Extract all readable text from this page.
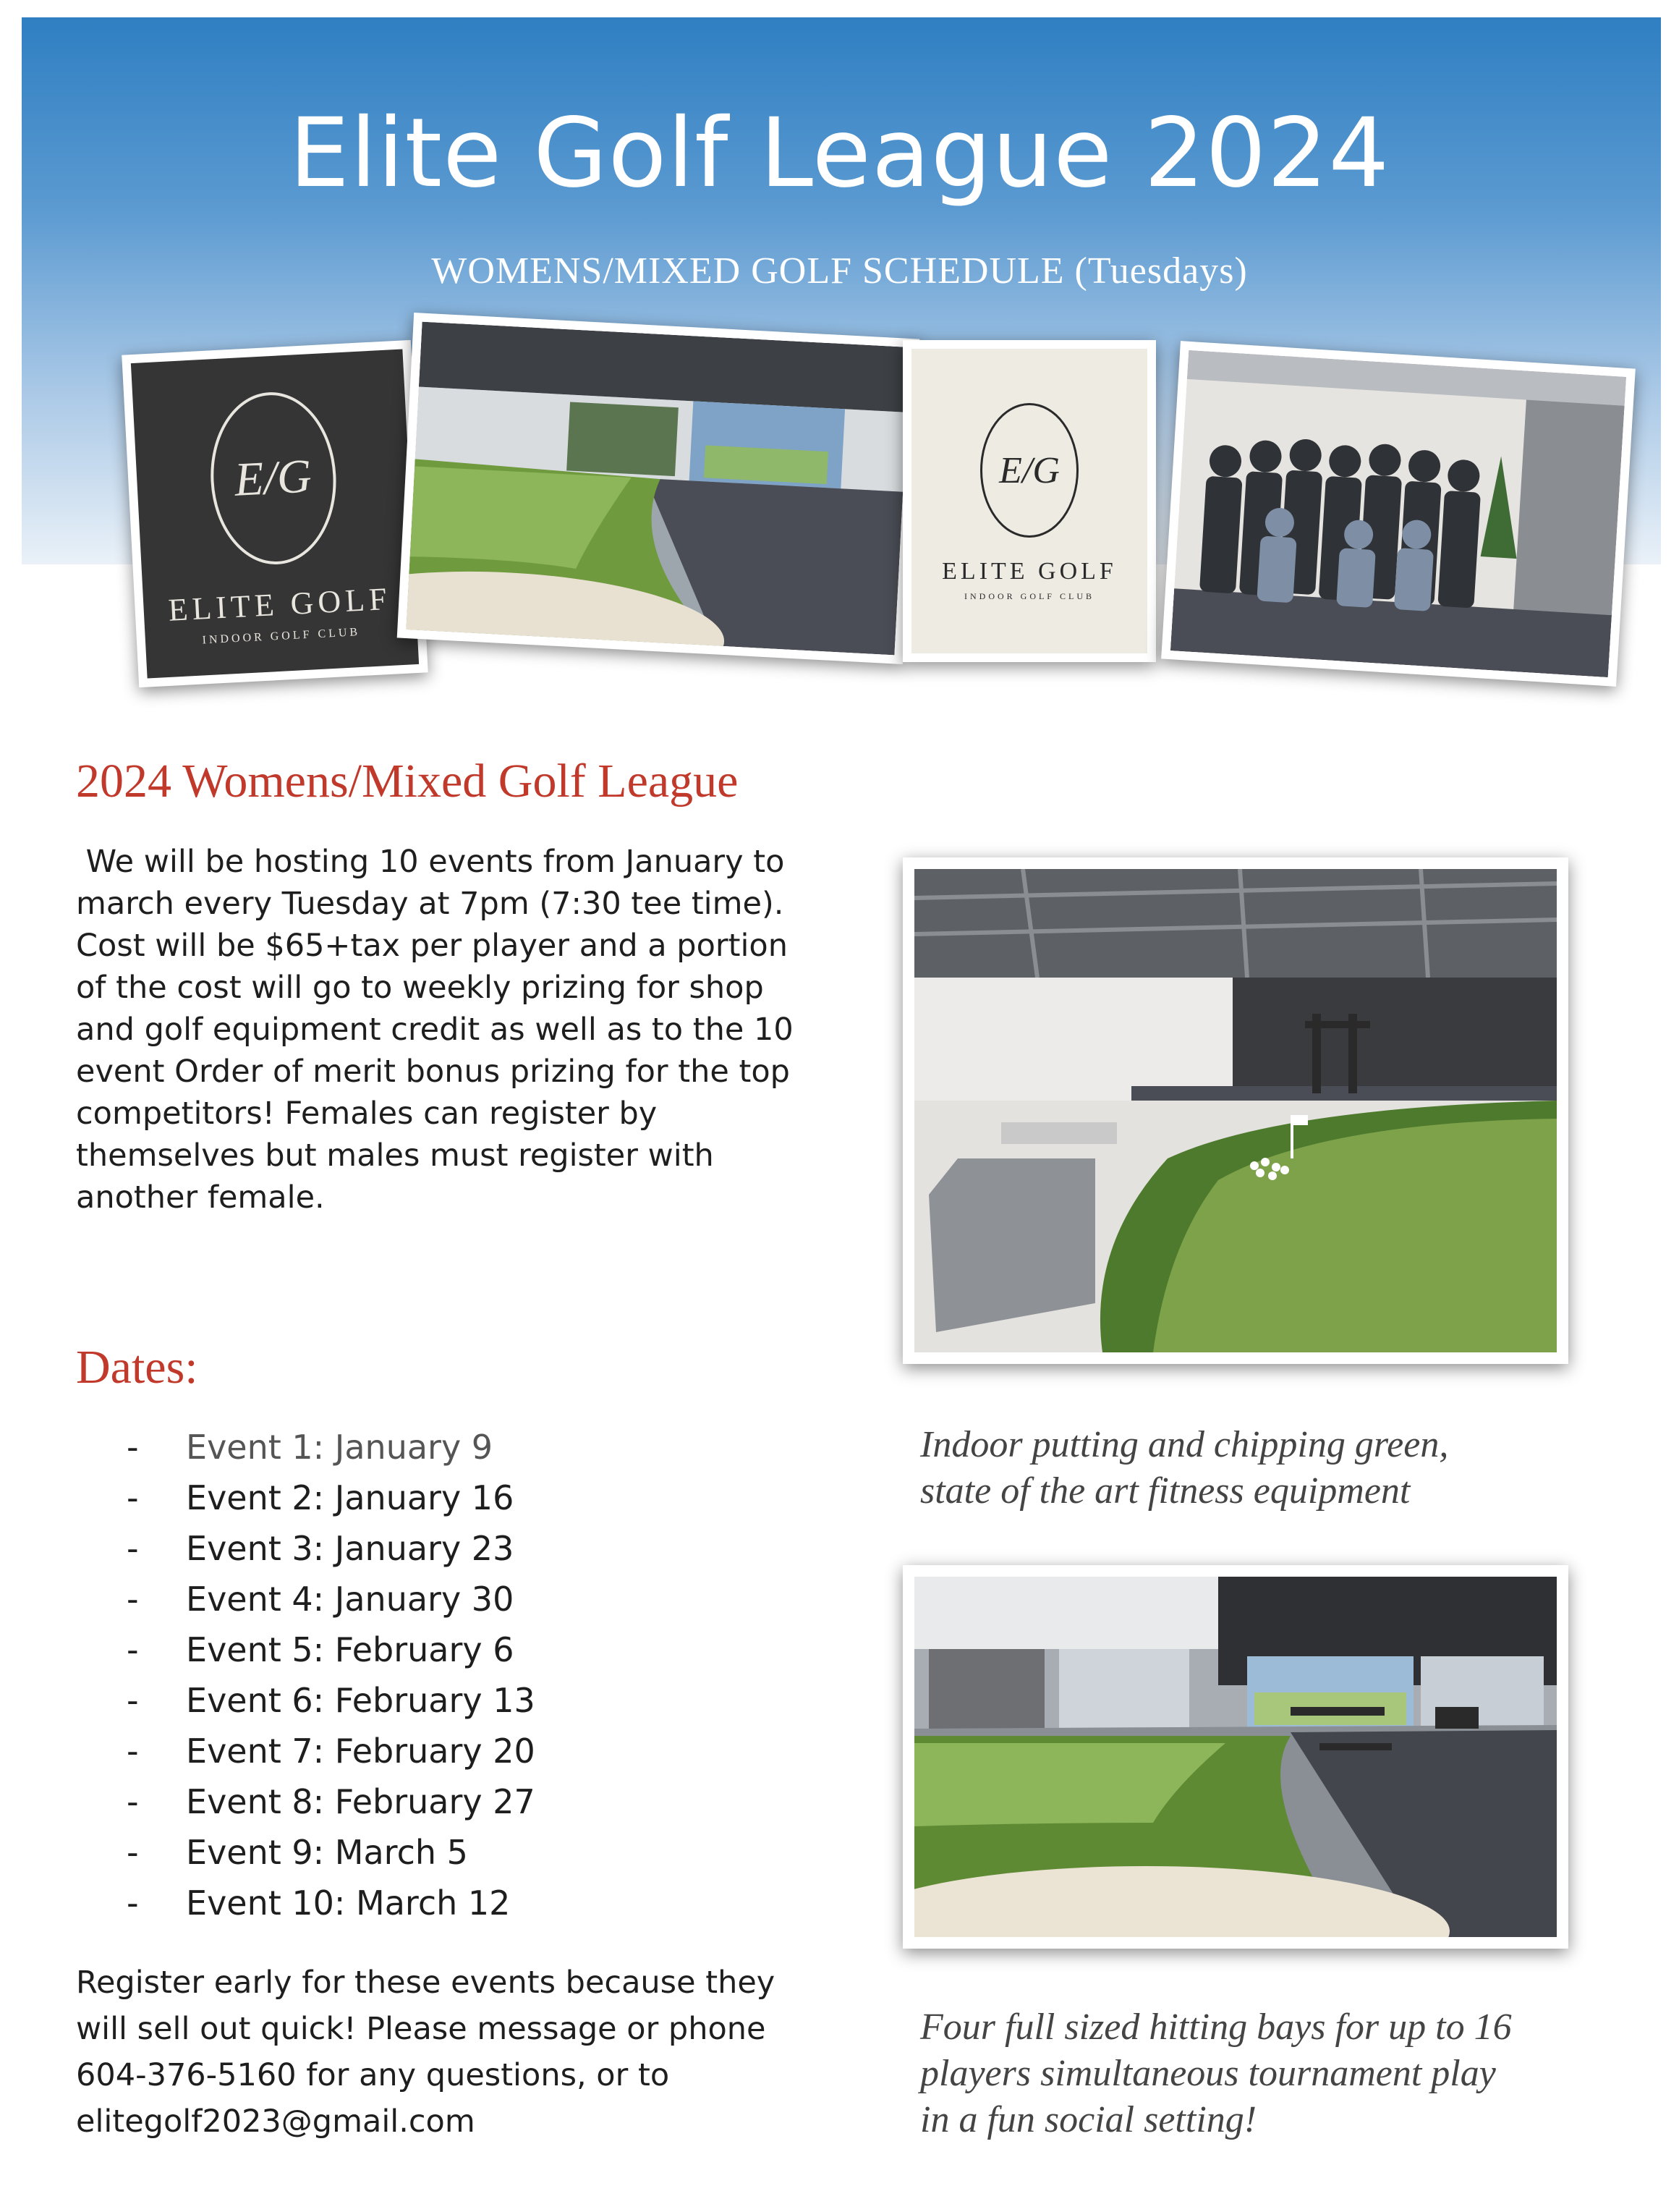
Elite Golf League 2024
WOMENS/MIXED GOLF SCHEDULE (Tuesdays)
E/G
ELITE GOLF
INDOOR GOLF CLUB
E/G
ELITE GOLF
INDOOR GOLF CLUB
2024 Womens/Mixed Golf League
We will be hosting 10 events from January to
march every Tuesday at 7pm (7:30 tee time).
Cost will be $65+tax per player and a portion
of the cost will go to weekly prizing for shop
and golf equipment credit as well as to the 10
event Order of merit bonus prizing for the top
competitors! Females can register by
themselves but males must register with
another female.
Dates:
-	Event 1: January 9
-	Event 2: January 16
-	Event 3: January 23
-	Event 4: January 30
-	Event 5: February 6
-	Event 6: February 13
-	Event 7: February 20
-	Event 8: February 27
-	Event 9: March 5
-	Event 10: March 12
Register early for these events because they
will sell out quick! Please message or phone
604-376-5160 for any questions, or to
elitegolf2023@gmail.com
Indoor putting and chipping green,
state of the art fitness equipment
Four full sized hitting bays for up to 16
players simultaneous tournament play
in a fun social setting!
